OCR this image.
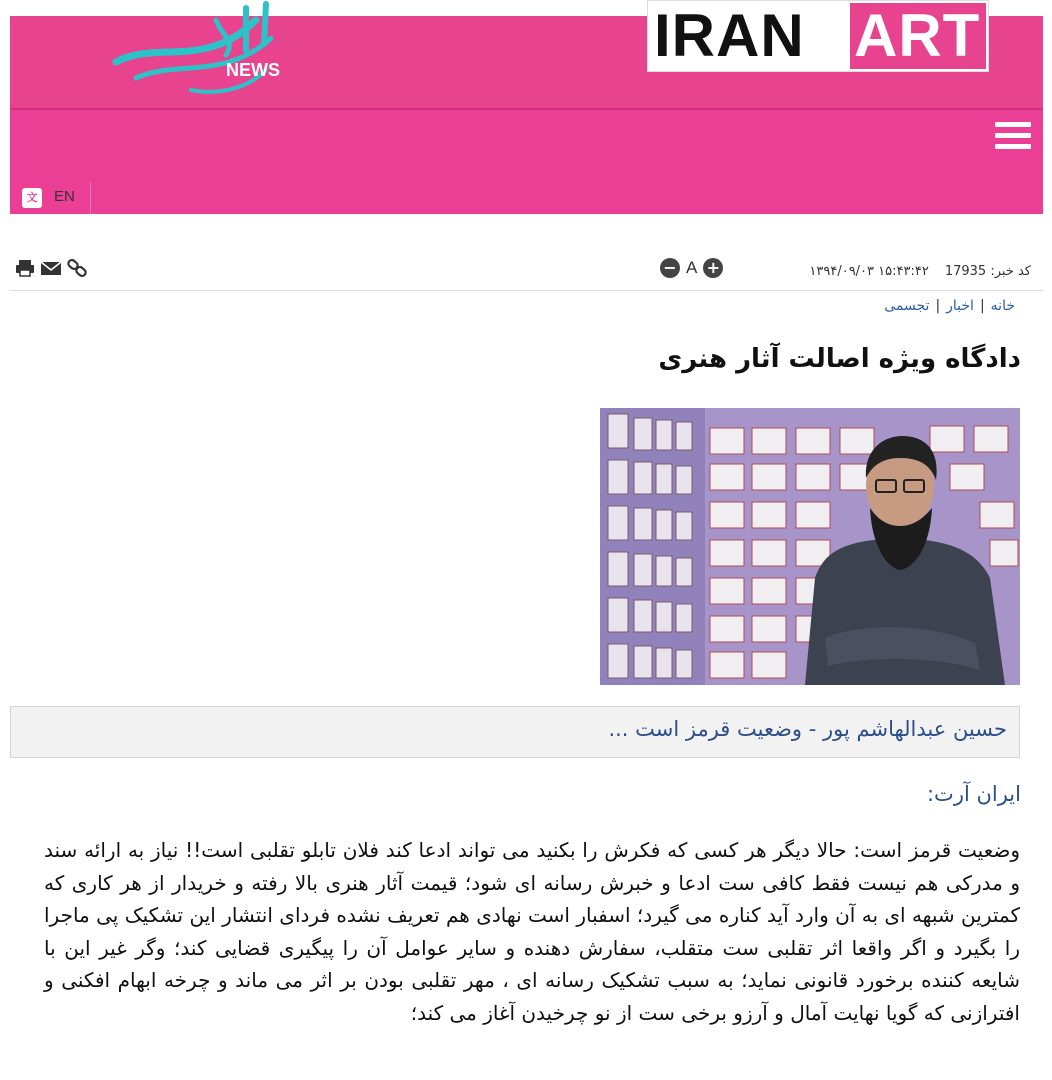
IRAN ART
NEWS
文	EN
− A +	کد خبر: 17935
۱۵:۴۳:۴۲ ۱۳۹۴/۰۹/۰۳
خانه|اخبار|تجسمی
دادگاه ویژه اصالت آثار هنری
حسین عبدالهاشم پور - وضعیت قرمز است ...
ایران آرت:
وضعیت قرمز است: حالا دیگر هر کسی که فکرش را بکنید می تواند ادعا کند فلان تابلو تقلبی است!! نیاز به ارائه سند و مدرکی هم نیست فقط کافی ست ادعا و خبرش رسانه ای شود؛ قیمت آثار هنری بالا رفته و خریدار از هر کاری که کمترین شبهه ای به آن وارد آید کناره می گیرد؛ اسفبار است نهادی هم تعریف نشده فردای انتشار این تشکیک پی ماجرا را بگیرد و اگر واقعا اثر تقلبی ست متقلب، سفارش دهنده و سایر عوامل آن را پیگیری قضایی کند؛ وگر غیر این با شایعه کننده برخورد قانونی نماید؛ به سبب تشکیک رسانه ای ، مهر تقلبی بودن بر اثر می ماند و چرخه ابهام افکنی و افترازنی که گویا نهایت آمال و آرزو برخی ست از نو چرخیدن آغاز می کند؛
